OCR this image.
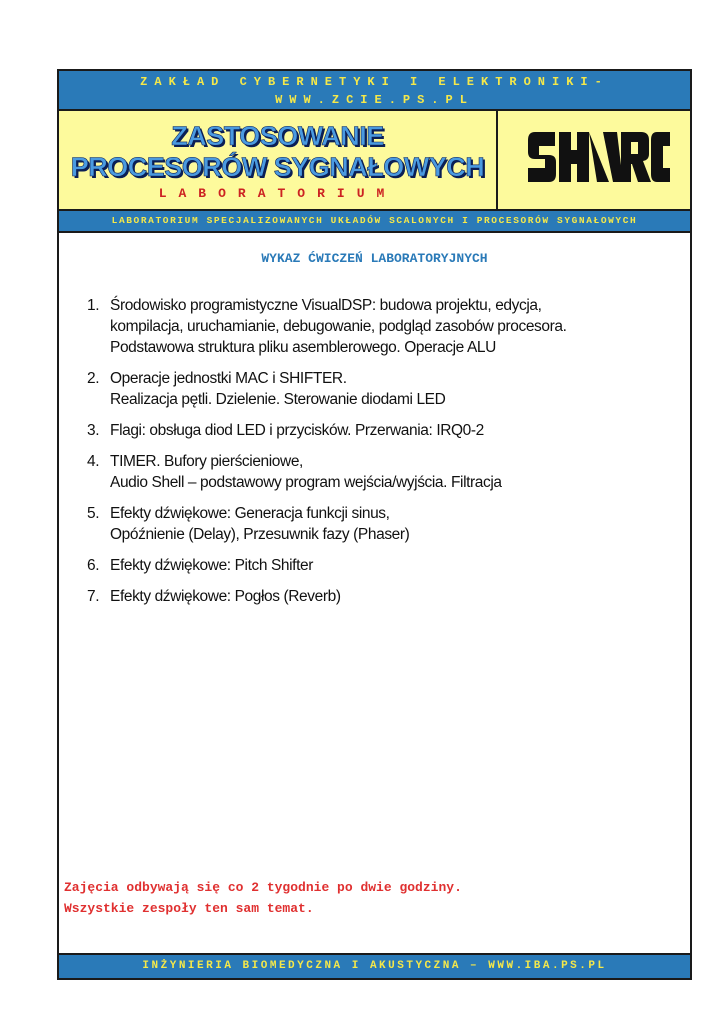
ZAKŁAD CYBERNETYKI I ELEKTRONIKI-
WWW.ZCIE.PS.PL
ZASTOSOWANIE
PROCESORÓW SYGNAŁOWYCH
LABORATORIUM
LABORATORIUM SPECJALIZOWANYCH UKŁADÓW SCALONYCH I PROCESORÓW SYGNAŁOWYCH
WYKAZ ĆWICZEŃ LABORATORYJNYCH
1. Środowisko programistyczne VisualDSP: budowa projektu, edycja,
kompilacja, uruchamianie, debugowanie, podgląd zasobów procesora.
Podstawowa struktura pliku asemblerowego. Operacje ALU
2. Operacje jednostki MAC i SHIFTER.
Realizacja pętli. Dzielenie. Sterowanie diodami LED
3. Flagi: obsługa diod LED i przycisków. Przerwania: IRQ0-2
4. TIMER. Bufory pierścieniowe,
Audio Shell – podstawowy program wejścia/wyjścia. Filtracja
5. Efekty dźwiękowe: Generacja funkcji sinus,
Opóźnienie (Delay), Przesuwnik fazy (Phaser)
6. Efekty dźwiękowe: Pitch Shifter
7. Efekty dźwiękowe: Pogłos (Reverb)
Zajęcia odbywają się co 2 tygodnie po dwie godziny.
Wszystkie zespoły ten sam temat.
INŻYNIERIA BIOMEDYCZNA I AKUSTYCZNA – WWW.IBA.PS.PL
